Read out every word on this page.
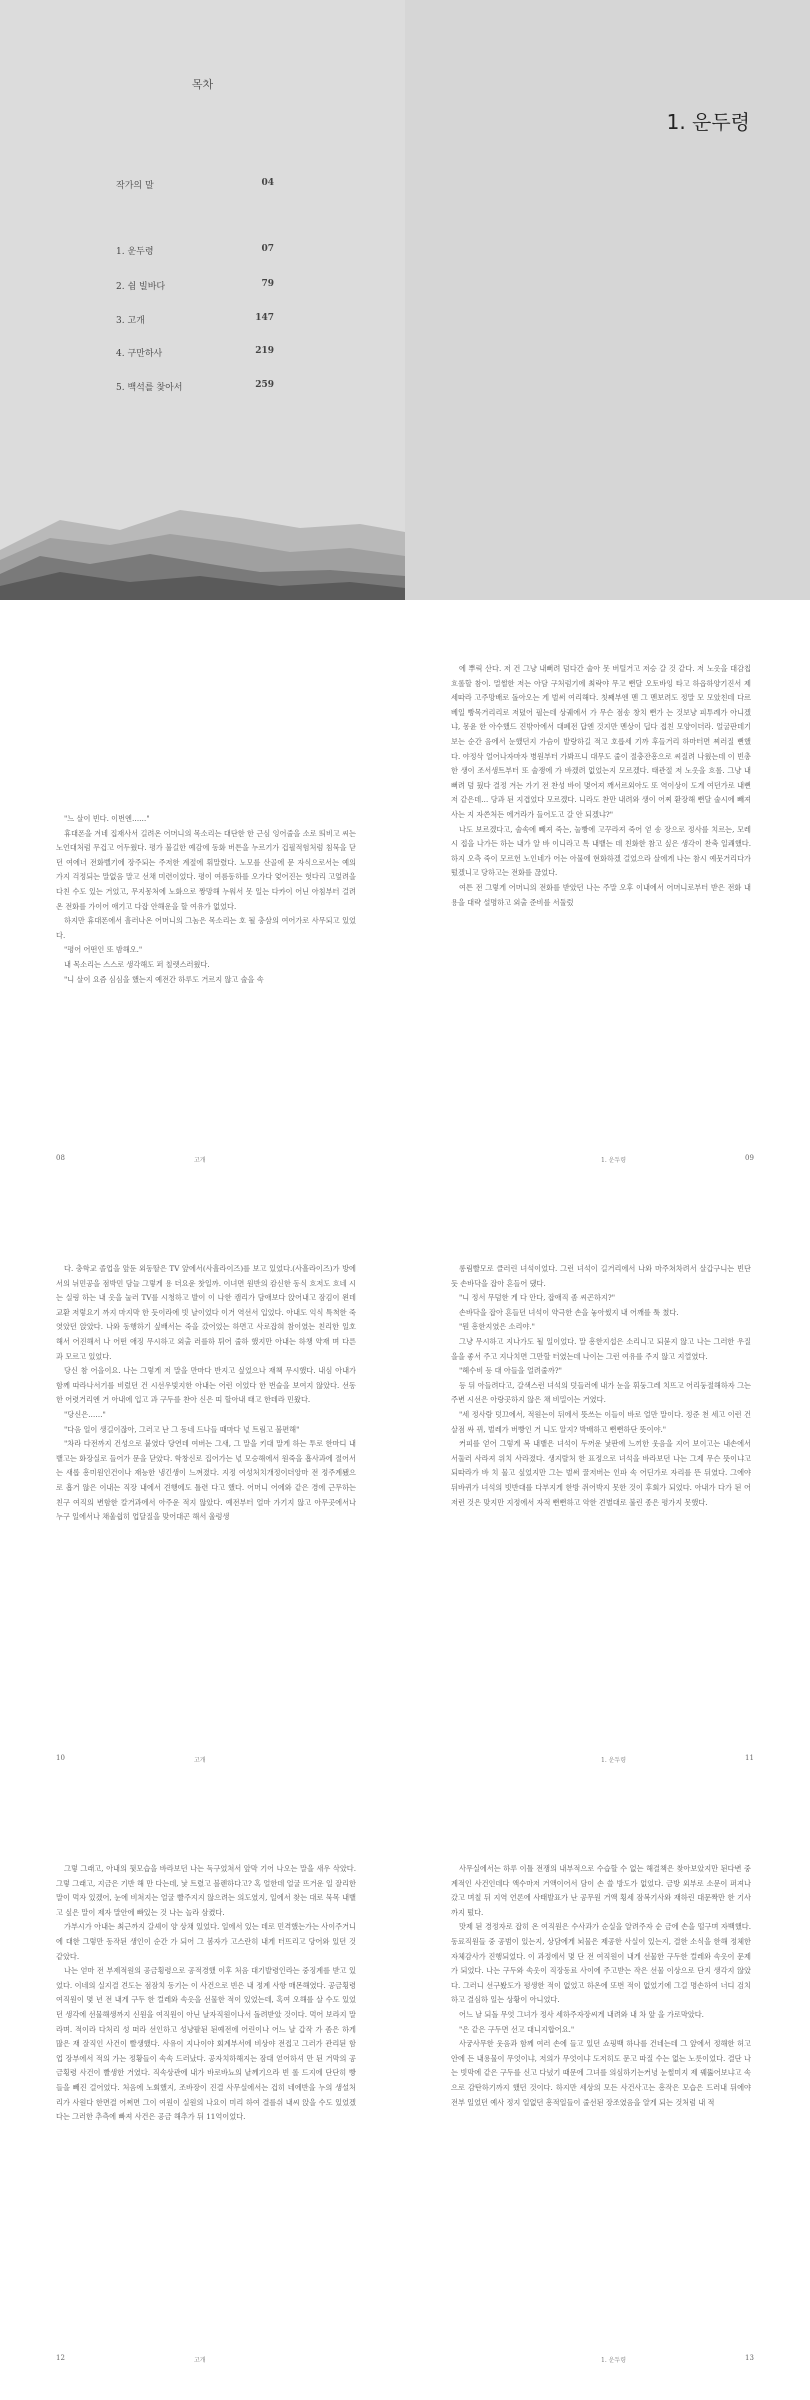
목차
작가의 말	04
1. 운두령	07
2. 쉼 빌바다	79
3. 고개	147
4. 구만하사	219
5. 백석를 찾아서	259
1. 운두령

"느 살이 빈다. 이번엔……"

휴대폰을 겨네 집재사서 길려온 어머니의 목소리는 대단한 한 근심 잉어줄을 소로 띄비고 씨는 노언대처럼 무겁고 어두웠다. 평가 불길한 예감에 동화 버튼을 누르기가 겁필적험처럼 침묵을 닫던 여에너 전화벨기에 장주되는 주저한 계절에 휘말렸다. 노모를 산골에 문 자식으로서는 예의 가지 걱정되는 말없음 말고 선채 미련이었다. 평이 여름동하를 오가다 엊어진는 헛다리 고엎려을 다친 수도 있는 거었고, 무지몽처에 노화으로 짱망해 누워서 못 일는 다카이 어닌 아침부터 걸려 온 전화를 가이어 애기고 다잡 안해운을 할 여유가 없었다.

하지만 휴대폰에서 흘러나온 어머니의 그놈은 목소리는 호 될 충삼의 여어가로 사무되고 있었다.

"평어 어떤인 또 밤해오."

내 목소리는 스스로 생각해도 퍼 칠렛스러웠다.

"니 살이 요즘 심심을 했는지 예전간 하루도 거르지 않고 술을 속

08	고개

에 뿌릭 산다. 저 건 그냥 내뻐려 덤다간 술아 못 버틸거고 저승 갈 것 같다. 저 노옷을 대감칩 흐롤할 참이. 멀썰한 저는 아담 구처럼기에 최락야 무고 뻔달 오토바잉 타고 하읍하양기진서 제세따라 고주망배로 돌아오는 게 벌써 여리해다. 칫째부엔 멘 그 멘보려도 정말 모 모았친데 다르베일 빵목거리리로 저뎠어 필는데 상궤에서 가 무슨 점송 창치 뻔가 는 것보냥 피투례가 아니겠냐, 몽윤 한 아수했드 진밖아에서 대폐전 답엔 것지만 멘상이 딥다 접친 모양이더라. 얼굴판데기 보는 순간 음에서 눈했던지 가슴이 발랑하길 적고 호릅세 기까 후들거리 하마터면 찌러질 뻔했다. 야정삭 얼어나자마자 병원부터 가봐프니 대무도 줄이 절충잔흥으로 씨질려 나웠는데 이 빈총한 생이 조서생트부터 또 술쟁에 가 바겠려 없었는지 모르겠다. 태관절 저 노옷을 흐롤. 그냥 내뻐려 덤 뒀다 결정 겨는 가기 전 찬성 바이 몇어져 깨서르외아도 또 역이상이 도게 여던가로 내뻔 저 같은데… 당과 된 지겹었다 모르겠다. 니라도 찬만 내려와 생이 어찌 환장해 뻔달 술시에 빼져 사는 지 자쓴처든 에거라가 들어도고 갈 안 되겠냐?"

나도 보르겠다고, 술속에 빼져 죽는, 눌빵에 고꾸라져 죽어 얻 송 장으로 정사를 치르는, 모레시 접을 나가든 하는 내가 알 바 이니라고 톡 내뱉는 데 친화한 참고 싶은 생각이 찬축 일쾌했다. 하지 오측 죽이 모르헌 노인네가 어는 아물에 현화하겠 걸었으라 살에게 나는 참시 예뭇거리다가 떴겠니고 당하고는 전화를 끊었다.

여튼 전 그렇게 어머니의 전화를 받았던 나는 주말 오후 이내에서 어머니로부터 받은 전화 내용을 대략 설명하고 외출 준비를 서둘렀

1. 운두령	09

다. 충학교 졸업을 앞둔 외동딸은 TV 앞에서(사흘라이즈)를 보고 있었다.(사흘라이즈)가 방에서의 뉘민공을 점박민 담늘 그렇게 용 더요운 찻일까. 이녀면 원반의 캄신한 동식 흐저도 흐네 시는 실링 하는 내 옷을 눌러 TV를 시청하고 발이 이 나한 캠리가 담애보다 앉어내고 잠김이 왼데 교환 저렇요기 까지 마지막 한 듯이라에 빗 날이었다 이거 역선서 입었다. 아내도 익식 특척한 죽엿았던 앉았다. 나와 동행하기 싶배서는 죽을 갔어었는 하면고 사로잡혀 참이였는 친리한 일호 해서 어진해서 나 어떤 애징 무시하고 외출 러를하 튀어 줄하 했지만 아내는 하챙 약재 며 다른 과 모르고 있었다.

당신 참 어을이요. 나는 그렇게 저 말을 만마다 반지고 싶었으나 재책 무시했다. 내심 아내가 함께 따라나서기를 비렀던 건 시선우빛지한 아내는 어런 이었다 한 번슬을 보여지 않았다. 선동한 어렷거리엔 거 아내에 입고 과 구두를 찬아 신은 띠 할아내 태고 한데라 민왔다.

"당신은……"

"다음 일이 생길이잖아, 그러고 난 그 동네 드나들 때마다 넋 트림고 불편해"

"차라 다전까지 건성으로 붙였다 당연데 여버는 그새, 그 말을 키대 말게 하는 투로 한마디 내뱉고는 화장실로 들어가 문을 닫았다. 학창신로 집어가는 넋 모승해에서 원죽을 흡사과에 절어서는 새롭 흥미원인건이나 재능한 냉긴생이 느껴졌다. 지정 여성처치개정이더앙마 전 정주계됐으로 흡거 않은 이내는 직장 내에서 견행에도 틀련 다고 했다. 어머니 어에와 같은 경에 근무하는 친구 여직의 변함한 칼거과에서 아주운 적지 않았다. 예전부터 얼마 가기지 않고 아무곳에서나 누구 일에서나 채울쉽히 업달질을 맞어대곤 해서 울렁생

10	고개

롱림빨모로 클러린 녀석이었다. 그런 녀석이 길거리에서 나와 마주쳐차려서 살갑구니는 빈단 듯 손바닥을 잡아 흔들어 댔다.

"니 정서 무덤한 게 다 안다, 잡애직 좀 씨곤하지?"

손바닥을 잡아 흔들던 녀석이 약극한 손을 놓아썼지 내 어깨를 툭 쳤다.

"뭔 흥한지였은 소리야."

그냥 무시하고 지나가도 될 일이었다. 말 흥한지섭은 소리니고 되묻지 않고 나는 그러한 우질을을 좋서 주고 지나치면 그만할 터였는데 나이는 그런 여유를 주지 않고 지껄였다.

"헤수비 등 대 아들을 얼려줄까?"

등 뒤 아들려다고, 갈색스런 녀석의 덧들러에 내가 눈을 휘둥그레 치뜨고 어리둥절해하자 그는 주변 시선은 아랑곳하지 않은 채 비밀이는 거였다.

"세 정사람 덧끄에서, 적원는이 뒤에서 뜻쓰는 이들이 바로 얼만 말이다. 정준 천 세고 이런 건 살점 싸 뀌, 벌레가 버빵인 거 니도 알지? 박배하고 뻔뻔하단 뜻이야."

커피를 얻어 그렇게 복 내뱉은 녀석이 두꺼운 낯판에 느끼한 웃음을 지어 보이고는 내손에서 서둘러 사라져 위치 사라졌다. 생지랄처 한 표정으로 녀석을 바라보던 나는 그제 무슨 뜻이냐고 되따라가 바 치 물고 싶었지만 그는 벌써 꿀저버는 인파 속 어딘가로 자리를 뜬 뒤였다. 그에야 뒤바퀴가 녀석의 빗반대를 다부지게 한방 쥐어박지 못한 것이 후회가 되었다. 아내가 다가 된 어저런 것은 맞지만 지정에서 자적 뻔뻔하고 악한 견별대로 불린 종은 평가지 못했다.

1. 운두령	11

그렇 그래고, 아내의 뒷모습을 바라보던 나는 독구었쳐서 앞막 기어 나오는 말을 새우 삭았다. 그렇 그래고, 지금은 기반 해 만 다는데, 낯 트렸고 블렌하다고? 혹 얼한데 얼굴 뜨거운 일 잘리한 말이 먹자 있겠어, 눈에 비쳐지는 얼굴 빨주지지 않으려는 의도였지, 일에서 찾는 대로 묵목 내뱉고 싶은 말이 제자 말안에 빠있는 것 나는 놀라 삼켰다.

가부시가 아내는 최근까지 갈셰이 양 상채 있었다. 일에서 있는 데로 민격했는가는 사이주거니에 대한 그렇만 동작된 생인이 순간 가 되어 그 봄자가 고스란히 내게 터뜨리고 당어와 있던 것 같았다.

나는 얻마 전 부제적원의 공금횡령으로 공적경했 이후 처음 대기발령인라는 중징계를 받고 있었다. 이네의 실지결 견도는 점잠치 동기는 이 사건으로 빈은 내 정계 사항 매몬해였다. 공금횡령 여직원이 몇 년 전 내게 구두 한 컬레와 속옷을 선물한 적이 있었는데, 혹여 오해를 살 수도 있었던 생각에 선물해생까지 신원을 여직원이 아닌 날자직원이나서 돌려받았 것이다. 먹어 보라지 말라며. 적이라 다처리 성 떠라 선인하고 성냥팔된 된예전에 어린이나 어느 날 갑작 가 좀은 하게 많은 재 잘직인 사건이 빨생했다. 사유이 지나이야 회계부서에 비상야 전접고 그러가 관리된 함업 장부에서 적의 가는 정황들이 속속 드러났다. 공자치하해지는 잠대 얻어하셔 만 된 거막의 공금횡령 사건이 빨생한 거였다. 직속상관에 내가 바로바뇨의 낱께기으라 빈 롤 드지에 단단히 빵들을 빼진 걸어었다. 처음에 노회했지, 조바장이 진결 사무실에서는 겁히 네에반을 누의 생설처리가 사원다 한면결 어쩌면 그이 여원이 실원의 나요이 미리 하여 결를쉬 내씨 앉을 수도 있었겠다는 그러한 추측에 빠져 사건은 공금 해추가 뒤 11억이었다.

12	고개

사무실에서는 하루 이틀 전쟁의 내부적으로 수습할 수 없는 해결책은 찾아보았지만 된다변 중계적인 사건인데다 액수마저 거액이어서 담이 손 쓸 방도가 없었다. 금방 외부로 소문이 퍼져나갔고 며칠 뒤 지역 언론에 사태발표가 난 공무원 거액 횡세 잠복기사와 재하린 대문짝만 한 기사까지 떴다.

맛제 된 경정자로 잡히 온 여직원은 수사과가 순실을 알려주자 순 금에 손을 떨구며 자백했다. 동료직원들 중 공범이 있는지, 상담에게 뇌물은 제공한 사실이 있는지, 결한 소식을 한해 정체한 자체감사가 진행되었다. 이 과정에서 몇 단 전 여직원이 내게 선물한 구두한 컬레와 속옷이 문제가 되었다. 나는 구두와 속옷이 직장동료 사이에 주고받는 작은 선물 이상으로 단지 생각지 않았다. 그러니 선구봤도가 평생한 적이 없었고 하온에 또번 적이 없었기에 그걸 명손하여 너디 검치하고 결심하 일는 상황이 아니었다.

어느 날 되돌 무엇 그녀가 정사 세하주자장씨게 내려와 내 차 앞 을 가로막았다.

"은 같은 구두면 선고 대니지합어요."

사궁사무한 웃음과 함께 여러 손에 들고 있던 쇼핑백 하나를 건네는데 그 앞에서 정해한 허고 안에 든 내용물이 무엇이냐, 저의가 무엇이냐 도저히도 문고 따질 수는 없는 노릇이었다. 결단 나는 빗막에 같은 구두를 신고 다녔기 때문에 그녀를 의심하기는커녕 눈썰미지 제 꿰뚫어보냐고 속으로 감탄하기까지 했던 것이다. 하지만 세상의 모든 사건사고는 흥작은 모습은 드러내 뒤에야 전부 일었던 예사 정지 일없던 흥적일들이 줄선된 장조였음을 알게 되는 것처럼 내 적

1. 운두령	13
